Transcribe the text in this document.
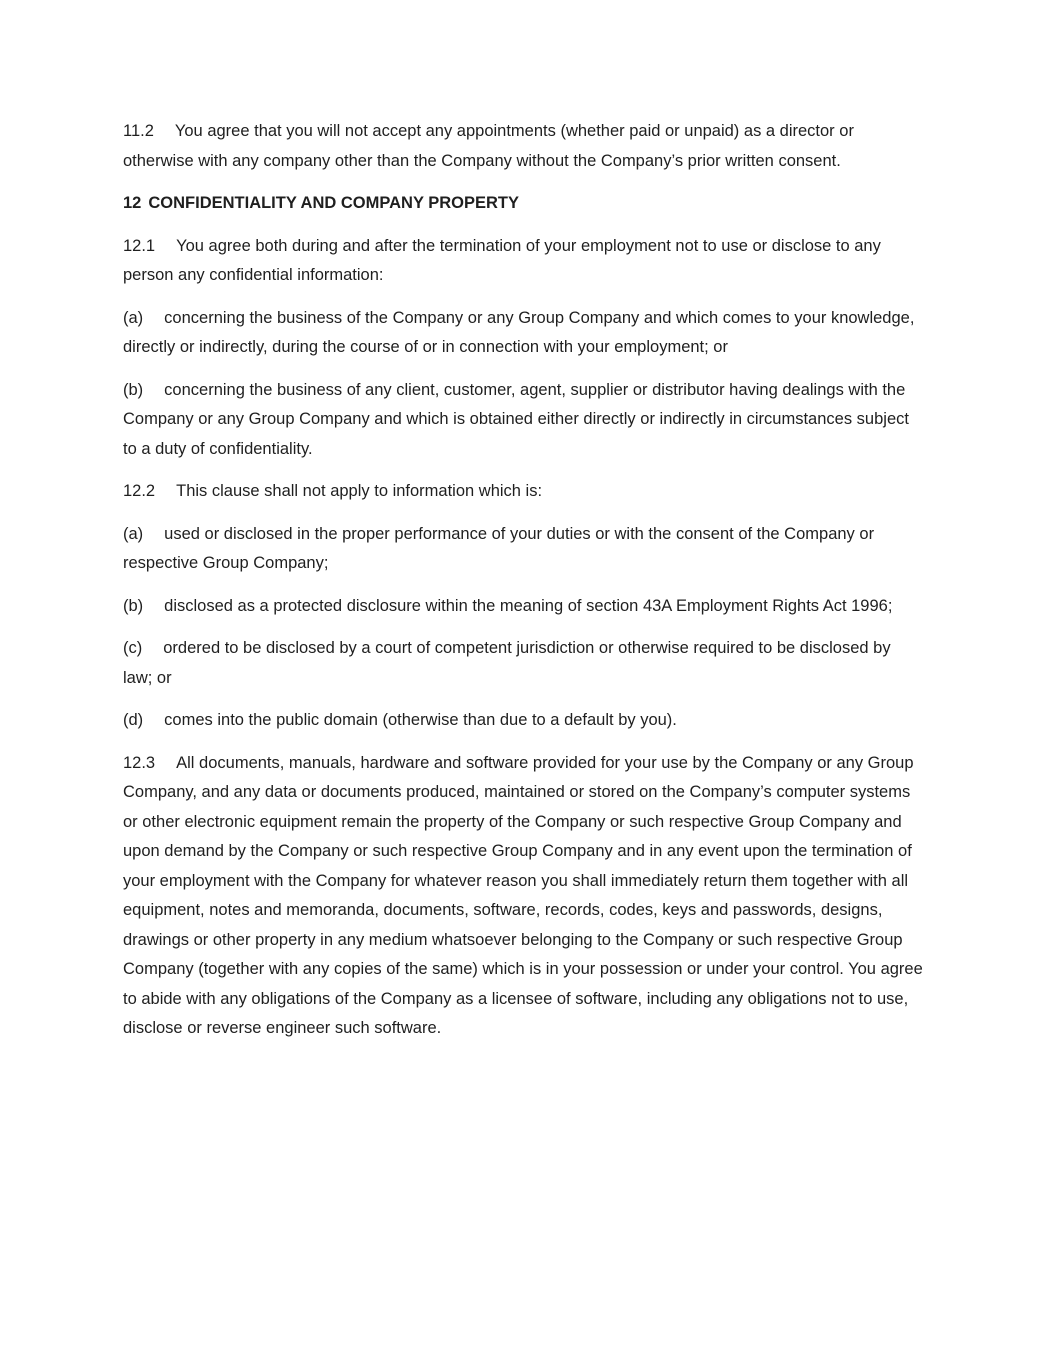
11.2 You agree that you will not accept any appointments (whether paid or unpaid) as a director or otherwise with any company other than the Company without the Company’s prior written consent.

12 CONFIDENTIALITY AND COMPANY PROPERTY

12.1 You agree both during and after the termination of your employment not to use or disclose to any person any confidential information:

(a) concerning the business of the Company or any Group Company and which comes to your knowledge, directly or indirectly, during the course of or in connection with your employment; or

(b) concerning the business of any client, customer, agent, supplier or distributor having dealings with the Company or any Group Company and which is obtained either directly or indirectly in circumstances subject to a duty of confidentiality.

12.2 This clause shall not apply to information which is:

(a) used or disclosed in the proper performance of your duties or with the consent of the Company or respective Group Company;

(b) disclosed as a protected disclosure within the meaning of section 43A Employment Rights Act 1996;

(c) ordered to be disclosed by a court of competent jurisdiction or otherwise required to be disclosed by law; or

(d) comes into the public domain (otherwise than due to a default by you).

12.3 All documents, manuals, hardware and software provided for your use by the Company or any Group Company, and any data or documents produced, maintained or stored on the Company’s computer systems or other electronic equipment remain the property of the Company or such respective Group Company and upon demand by the Company or such respective Group Company and in any event upon the termination of your employment with the Company for whatever reason you shall immediately return them together with all equipment, notes and memoranda, documents, software, records, codes, keys and passwords, designs, drawings or other property in any medium whatsoever belonging to the Company or such respective Group Company (together with any copies of the same) which is in your possession or under your control. You agree to abide with any obligations of the Company as a licensee of software, including any obligations not to use, disclose or reverse engineer such software.
